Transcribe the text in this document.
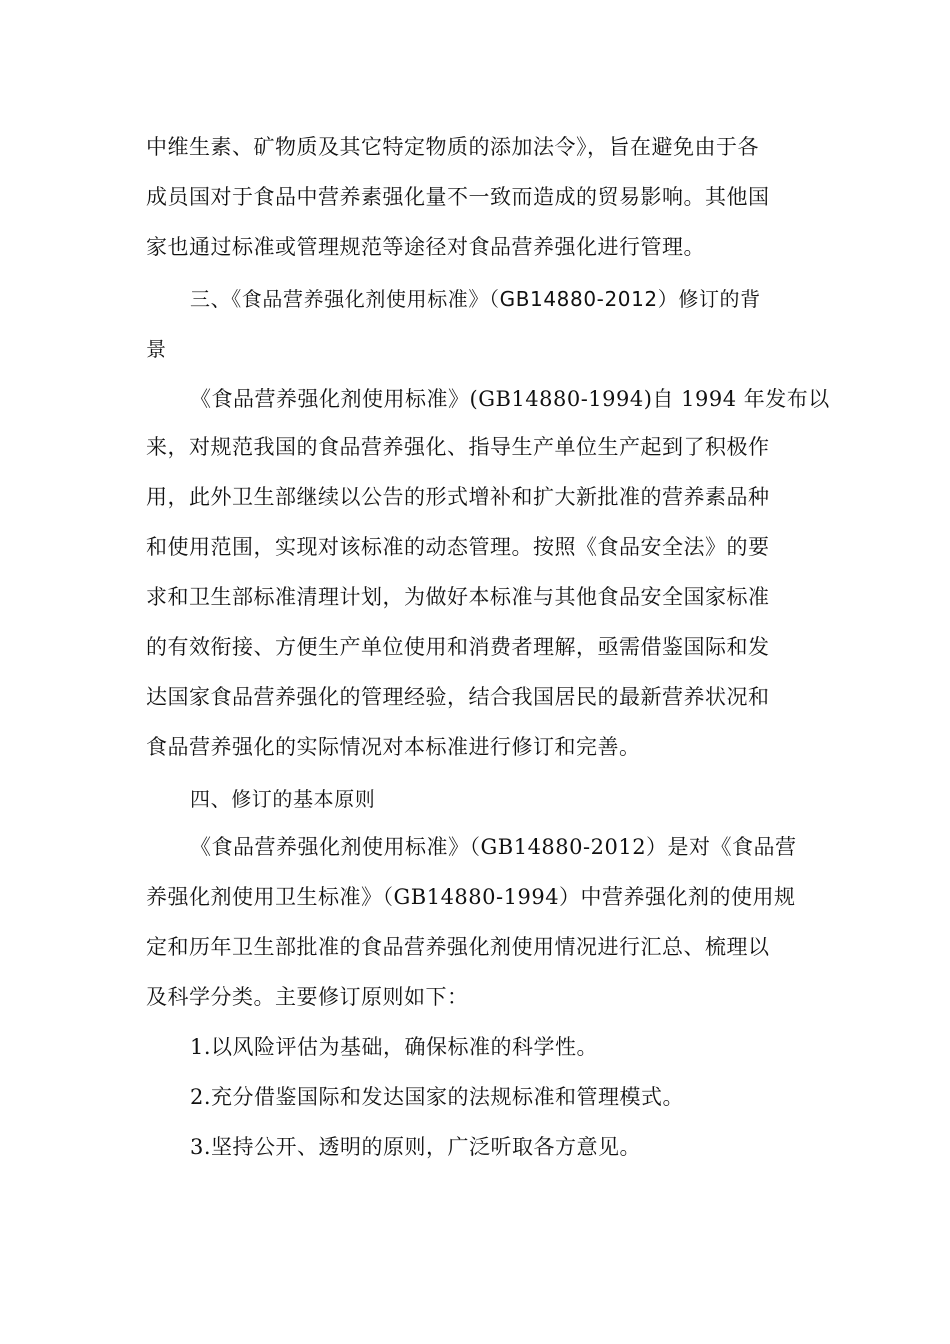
中维生素、矿物质及其它特定物质的添加法令》，旨在避免由于各
成员国对于食品中营养素强化量不一致而造成的贸易影响。其他国
家也通过标准或管理规范等途径对食品营养强化进行管理。
三、《食品营养强化剂使用标准》（GB14880-2012）修订的背
景
《食品营养强化剂使用标准》(GB14880-1994)自 1994 年发布以
来，对规范我国的食品营养强化、指导生产单位生产起到了积极作
用，此外卫生部继续以公告的形式增补和扩大新批准的营养素品种
和使用范围，实现对该标准的动态管理。按照《食品安全法》的要
求和卫生部标准清理计划，为做好本标准与其他食品安全国家标准
的有效衔接、方便生产单位使用和消费者理解，亟需借鉴国际和发
达国家食品营养强化的管理经验，结合我国居民的最新营养状况和
食品营养强化的实际情况对本标准进行修订和完善。
四、修订的基本原则
《食品营养强化剂使用标准》（GB14880-2012）是对《食品营
养强化剂使用卫生标准》（GB14880-1994）中营养强化剂的使用规
定和历年卫生部批准的食品营养强化剂使用情况进行汇总、梳理以
及科学分类。主要修订原则如下：
1.以风险评估为基础，确保标准的科学性。
2.充分借鉴国际和发达国家的法规标准和管理模式。
3.坚持公开、透明的原则，广泛听取各方意见。
